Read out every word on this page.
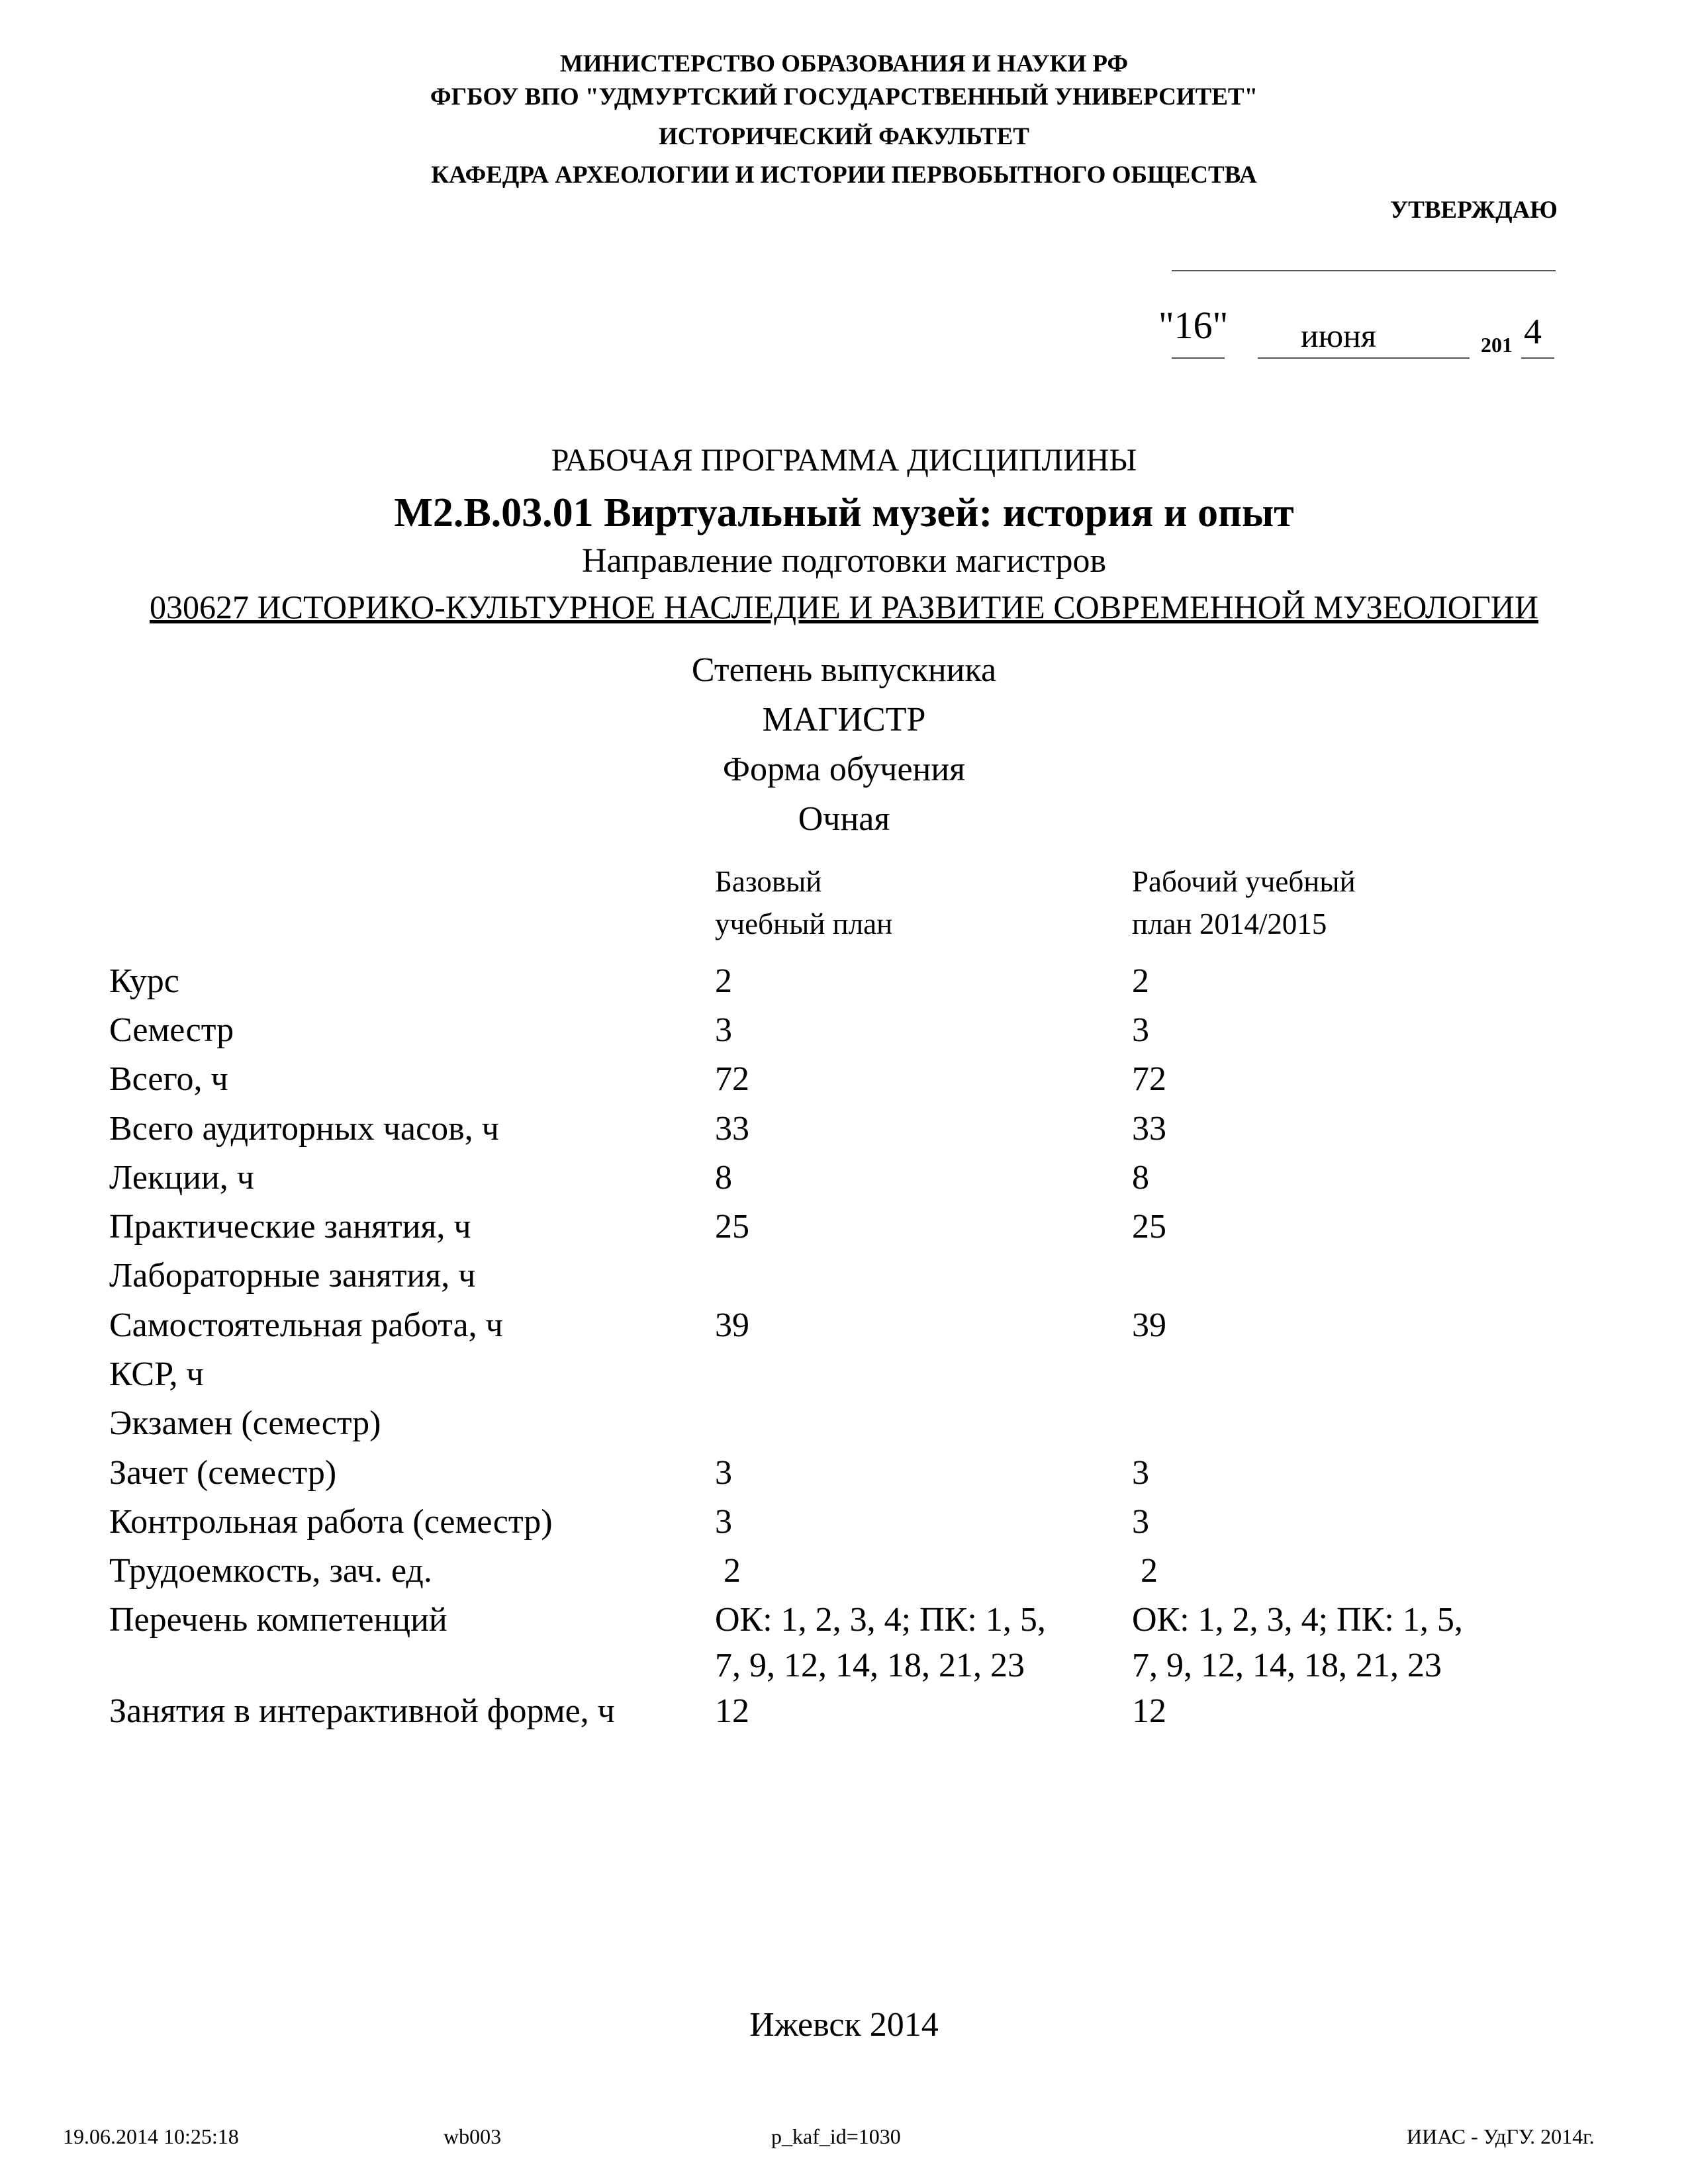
МИНИСТЕРСТВО ОБРАЗОВАНИЯ И НАУКИ РФ
ФГБОУ ВПО "УДМУРТСКИЙ ГОСУДАРСТВЕННЫЙ УНИВЕРСИТЕТ"
ИСТОРИЧЕСКИЙ ФАКУЛЬТЕТ
КАФЕДРА АРХЕОЛОГИИ И ИСТОРИИ ПЕРВОБЫТНОГО ОБЩЕСТВА
УТВЕРЖДАЮ
"16" июня	201 4
РАБОЧАЯ ПРОГРАММА ДИСЦИПЛИНЫ
М2.В.03.01 Виртуальный музей: история и опыт
Направление подготовки магистров
030627 ИСТОРИКО-КУЛЬТУРНОЕ НАСЛЕДИЕ И РАЗВИТИЕ СОВРЕМЕННОЙ МУЗЕОЛОГИИ
Степень выпускника
МАГИСТР
Форма обучения
Очная
Базовый
учебный план
Рабочий учебный
план 2014/2015
Курс	2	2
Семестр	3	3
Всего, ч	72	72
Всего аудиторных часов, ч	33	33
Лекции, ч	8	8
Практические занятия, ч	25	25
Лабораторные занятия, ч
Самостоятельная работа, ч	39	39
КСР, ч
Экзамен (семестр)
Зачет (семестр)	3	3
Контрольная работа (семестр)	3	3
Трудоемкость, зач. ед.	2	2
Перечень компетенций	ОК: 1, 2, 3, 4; ПК: 1, 5,	ОК: 1, 2, 3, 4; ПК: 1, 5,
7, 9, 12, 14, 18, 21, 23	7, 9, 12, 14, 18, 21, 23
Занятия в интерактивной форме, ч	12	12
Ижевск 2014
19.06.2014 10:25:18	wb003	p_kaf_id=1030	ИИАС - УдГУ. 2014г.
